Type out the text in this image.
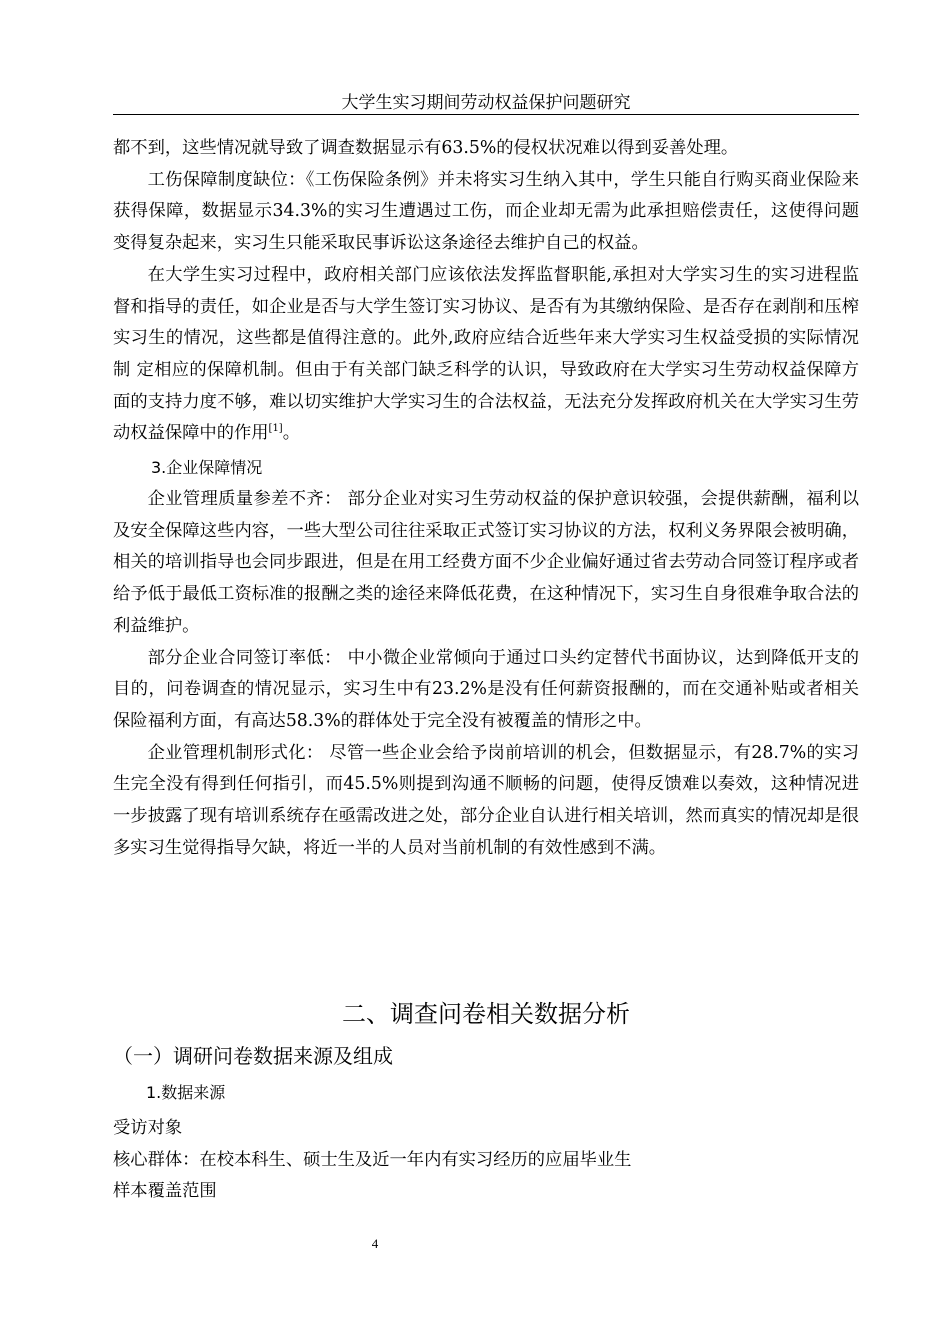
大学生实习期间劳动权益保护问题研究

都不到，这些情况就导致了调查数据显示有63.5%的侵权状况难以得到妥善处理。

工伤保障制度缺位：《工伤保险条例》并未将实习生纳入其中，学生只能自行购买商业保险来获得保障，数据显示34.3%的实习生遭遇过工伤，而企业却无需为此承担赔偿责任，这使得问题变得复杂起来，实习生只能采取民事诉讼这条途径去维护自己的权益。

在大学生实习过程中，政府相关部门应该依法发挥监督职能,承担对大学实习生的实习进程监督和指导的责任，如企业是否与大学生签订实习协议、是否有为其缴纳保险、是否存在剥削和压榨实习生的情况，这些都是值得注意的。此外,政府应结合近些年来大学实习生权益受损的实际情况制 定相应的保障机制。但由于有关部门缺乏科学的认识，导致政府在大学实习生劳动权益保障方面的支持力度不够，难以切实维护大学实习生的合法权益，无法充分发挥政府机关在大学实习生劳动权益保障中的作用[1]。

3.企业保障情况

企业管理质量参差不齐： 部分企业对实习生劳动权益的保护意识较强，会提供薪酬，福利以及安全保障这些内容，一些大型公司往往采取正式签订实习协议的方法，权利义务界限会被明确，相关的培训指导也会同步跟进，但是在用工经费方面不少企业偏好通过省去劳动合同签订程序或者给予低于最低工资标准的报酬之类的途径来降低花费，在这种情况下，实习生自身很难争取合法的利益维护。

部分企业合同签订率低： 中小微企业常倾向于通过口头约定替代书面协议，达到降低开支的目的，问卷调查的情况显示，实习生中有23.2%是没有任何薪资报酬的，而在交通补贴或者相关保险福利方面，有高达58.3%的群体处于完全没有被覆盖的情形之中。

企业管理机制形式化： 尽管一些企业会给予岗前培训的机会，但数据显示，有28.7%的实习生完全没有得到任何指引，而45.5%则提到沟通不顺畅的问题，使得反馈难以奏效，这种情况进一步披露了现有培训系统存在亟需改进之处，部分企业自认进行相关培训，然而真实的情况却是很多实习生觉得指导欠缺，将近一半的人员对当前机制的有效性感到不满。

二、调查问卷相关数据分析
（一）调研问卷数据来源及组成
1.数据来源
受访对象
核心群体：在校本科生、硕士生及近一年内有实习经历的应届毕业生
样本覆盖范围
4
